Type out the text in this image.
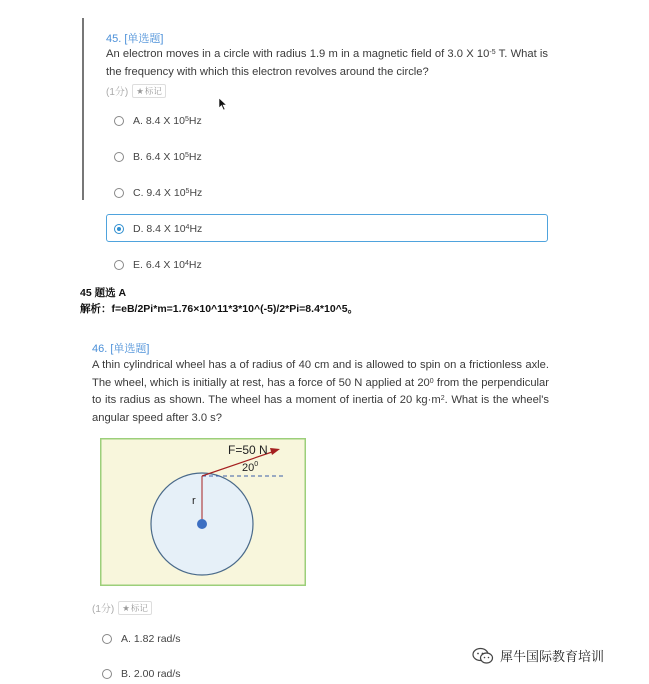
45. [单选题]
An electron moves in a circle with radius 1.9 m in a magnetic field of 3.0 X $10^{-5}$ T. What is the frequency with which this electron revolves around the circle?
(1分) ★ 标记
A.
8.4 X $10^5$ Hz
B.
6.4 X $10^5$ Hz
C.
9.4 X $10^5$ Hz
D.
8.4 X $10^4$ Hz
E.
6.4 X $10^4$ Hz
45 题选 A
解析：f=eB/2Pi*m=1.76×10^11*3*10^(-5)/2*Pi=8.4*10^5。
46. [单选题]
A thin cylindrical wheel has a of radius of 40 cm and is allowed to spin on a frictionless axle. The wheel, which is initially at rest, has a force of 50 N applied at $20^0$ from the perpendicular to its radius as shown. The wheel has a moment of inertia of 20 $kg\cdot m^2$. What is the wheel's angular speed after 3.0 s?
F=50 N
$20^0$
r
(1分) ★ 标记
A.
1.82 rad/s
B.
2.00 rad/s
犀牛国际教育培训
